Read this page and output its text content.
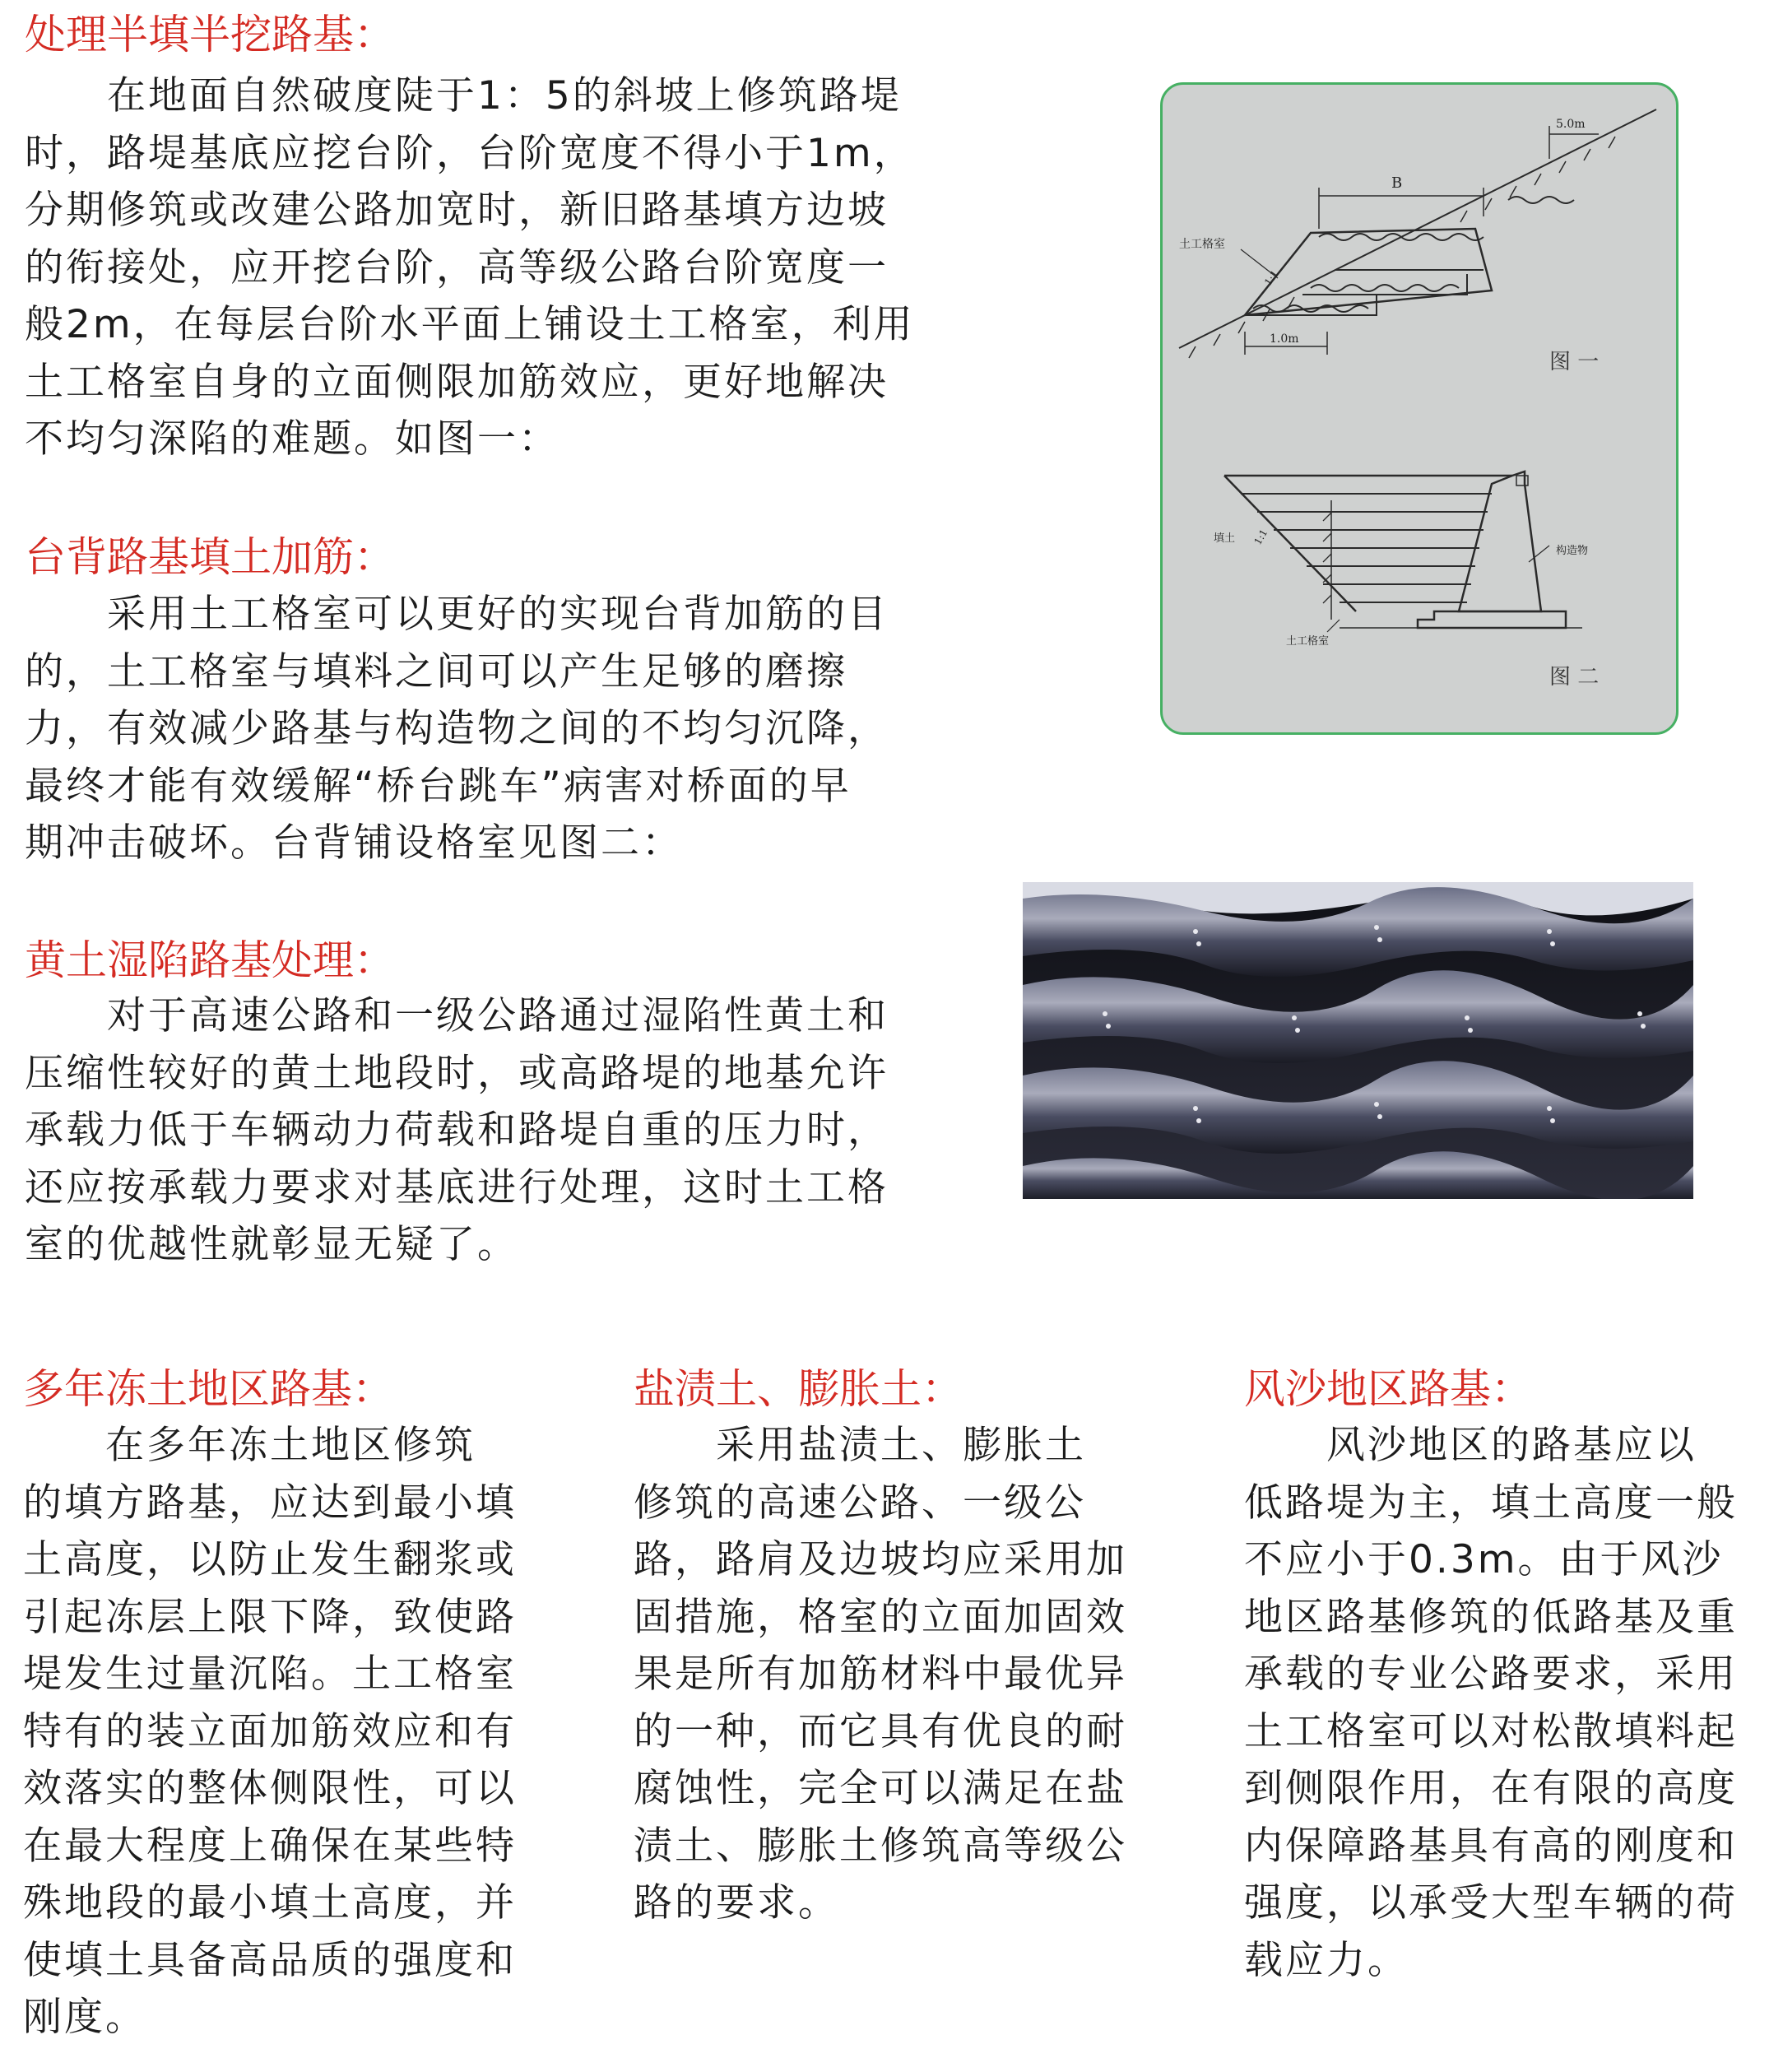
处理半填半挖路基：

　　在地面自然破度陡于1：5的斜坡上修筑路堤
时，路堤基底应挖台阶，台阶宽度不得小于1m，
分期修筑或改建公路加宽时，新旧路基填方边坡
的衔接处，应开挖台阶，高等级公路台阶宽度一
般2m，在每层台阶水平面上铺设土工格室，利用
土工格室自身的立面侧限加筋效应，更好地解决
不均匀深陷的难题。如图一：

台背路基填土加筋：

　　采用土工格室可以更好的实现台背加筋的目
的，土工格室与填料之间可以产生足够的磨擦
力，有效减少路基与构造物之间的不均匀沉降，
最终才能有效缓解“桥台跳车”病害对桥面的早
期冲击破坏。台背铺设格室见图二：

黄土湿陷路基处理：

　　对于高速公路和一级公路通过湿陷性黄土和
压缩性较好的黄土地段时，或高路堤的地基允许
承载力低于车辆动力荷载和路堤自重的压力时，
还应按承载力要求对基底进行处理，这时土工格
室的优越性就彰显无疑了。

多年冻土地区路基：

　　在多年冻土地区修筑
的填方路基，应达到最小填
土高度，以防止发生翻浆或
引起冻层上限下降，致使路
堤发生过量沉陷。土工格室
特有的装立面加筋效应和有
效落实的整体侧限性，可以
在最大程度上确保在某些特
殊地段的最小填土高度，并
使填土具备高品质的强度和
刚度。

盐渍土、膨胀土：

　　采用盐渍土、膨胀土
修筑的高速公路、一级公
路，路肩及边坡均应采用加
固措施，格室的立面加固效
果是所有加筋材料中最优异
的一种，而它具有优良的耐
腐蚀性，完全可以满足在盐
渍土、膨胀土修筑高等级公
路的要求。

风沙地区路基：

　　风沙地区的路基应以
低路堤为主，填土高度一般
不应小于0.3m。由于风沙
地区路基修筑的低路基及重
承载的专业公路要求，采用
土工格室可以对松散填料起
到侧限作用，在有限的高度
内保障路基具有高的刚度和
强度，以承受大型车辆的荷
载应力。

土工格室
B
5.0m
1.0m
1:1
图 一
填土 1:1
构造物
土工格室
图 二
